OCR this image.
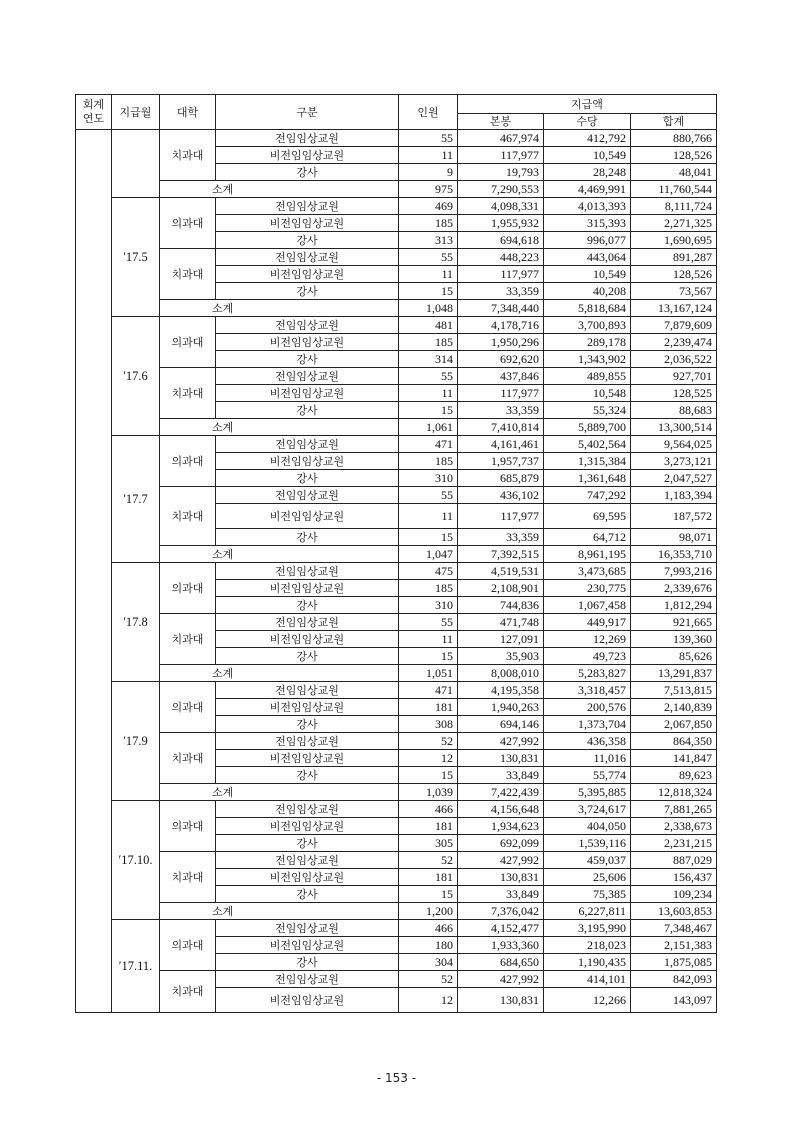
회계
연도	지급월	대학	구분	인원	지급액		
					본봉	수당	합계
		치과대	전임임상교원	55	467,974	412,792	880,766
			비전임임상교원	11	117,977	10,549	128,526
			강사	9	19,793	28,248	48,041
		소계		975	7,290,553	4,469,991	11,760,544
	′17.5	의과대	전임임상교원	469	4,098,331	4,013,393	8,111,724
			비전임임상교원	185	1,955,932	315,393	2,271,325
			강사	313	694,618	996,077	1,690,695
		치과대	전임임상교원	55	448,223	443,064	891,287
			비전임임상교원	11	117,977	10,549	128,526
			강사	15	33,359	40,208	73,567
		소계		1,048	7,348,440	5,818,684	13,167,124
	′17.6	의과대	전임임상교원	481	4,178,716	3,700,893	7,879,609
			비전임임상교원	185	1,950,296	289,178	2,239,474
			강사	314	692,620	1,343,902	2,036,522
		치과대	전임임상교원	55	437,846	489,855	927,701
			비전임임상교원	11	117,977	10,548	128,525
			강사	15	33,359	55,324	88,683
		소계		1,061	7,410,814	5,889,700	13,300,514
	′17.7	의과대	전임임상교원	471	4,161,461	5,402,564	9,564,025
			비전임임상교원	185	1,957,737	1,315,384	3,273,121
			강사	310	685,879	1,361,648	2,047,527
		치과대	전임임상교원	55	436,102	747,292	1,183,394
			비전임임상교원	11	117,977	69,595	187,572
			강사	15	33,359	64,712	98,071
		소계		1,047	7,392,515	8,961,195	16,353,710
	′17.8	의과대	전임임상교원	475	4,519,531	3,473,685	7,993,216
			비전임임상교원	185	2,108,901	230,775	2,339,676
			강사	310	744,836	1,067,458	1,812,294
		치과대	전임임상교원	55	471,748	449,917	921,665
			비전임임상교원	11	127,091	12,269	139,360
			강사	15	35,903	49,723	85,626
		소계		1,051	8,008,010	5,283,827	13,291,837
	′17.9	의과대	전임임상교원	471	4,195,358	3,318,457	7,513,815
			비전임임상교원	181	1,940,263	200,576	2,140,839
			강사	308	694,146	1,373,704	2,067,850
		치과대	전임임상교원	52	427,992	436,358	864,350
			비전임임상교원	12	130,831	11,016	141,847
			강사	15	33,849	55,774	89,623
		소계		1,039	7,422,439	5,395,885	12,818,324
	′17.10.	의과대	전임임상교원	466	4,156,648	3,724,617	7,881,265
			비전임임상교원	181	1,934,623	404,050	2,338,673
			강사	305	692,099	1,539,116	2,231,215
		치과대	전임임상교원	52	427,992	459,037	887,029
			비전임임상교원	181	130,831	25,606	156,437
			강사	15	33,849	75,385	109,234
		소계		1,200	7,376,042	6,227,811	13,603,853
	′17.11.	의과대	전임임상교원	466	4,152,477	3,195,990	7,348,467
			비전임임상교원	180	1,933,360	218,023	2,151,383
			강사	304	684,650	1,190,435	1,875,085
		치과대	전임임상교원	52	427,992	414,101	842,093
			비전임임상교원	12	130,831	12,266	143,097
- 153 -
